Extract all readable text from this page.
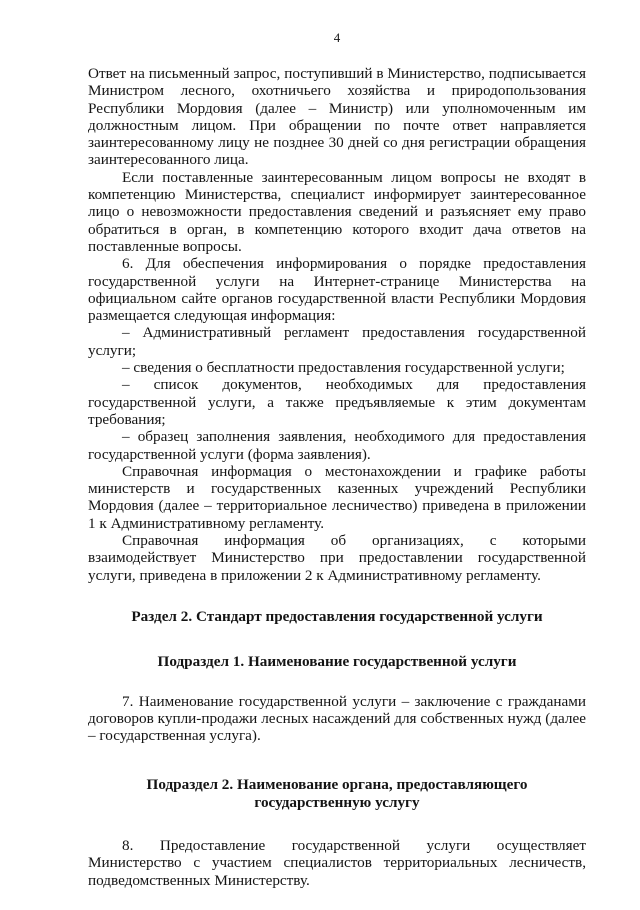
4

Ответ на письменный запрос, поступивший в Министерство, подписывается Министром лесного, охотничьего хозяйства и природопользования Республики Мордовия (далее – Министр) или уполномоченным им должностным лицом. При обращении по почте ответ направляется заинтересованному лицу не позднее 30 дней со дня регистрации обращения заинтересованного лица.

Если поставленные заинтересованным лицом вопросы не входят в компетенцию Министерства, специалист информирует заинтересованное лицо о невозможности предоставления сведений и разъясняет ему право обратиться в орган, в компетенцию которого входит дача ответов на поставленные вопросы.

6. Для обеспечения информирования о порядке предоставления государственной услуги на Интернет-странице Министерства на официальном сайте органов государственной власти Республики Мордовия размещается следующая информация:

– Административный регламент предоставления государственной услуги;

– сведения о бесплатности предоставления государственной услуги;

– список документов, необходимых для предоставления государственной услуги, а также предъявляемые к этим документам требования;

– образец заполнения заявления, необходимого для предоставления государственной услуги (форма заявления).

Справочная информация о местонахождении и графике работы министерств и государственных казенных учреждений Республики Мордовия (далее – территориальное лесничество) приведена в приложении 1 к Административному регламенту.

Справочная информация об организациях, с которыми взаимодействует Министерство при предоставлении государственной услуги, приведена в приложении 2 к Административному регламенту.

Раздел 2. Стандарт предоставления государственной услуги
Подраздел 1. Наименование государственной услуги

7. Наименование государственной услуги – заключение с гражданами договоров купли-продажи лесных насаждений для собственных нужд (далее – государственная услуга).

Подраздел 2. Наименование органа, предоставляющего
государственную услугу

8. Предоставление государственной услуги осуществляет Министерство с участием специалистов территориальных лесничеств, подведомственных Министерству.
